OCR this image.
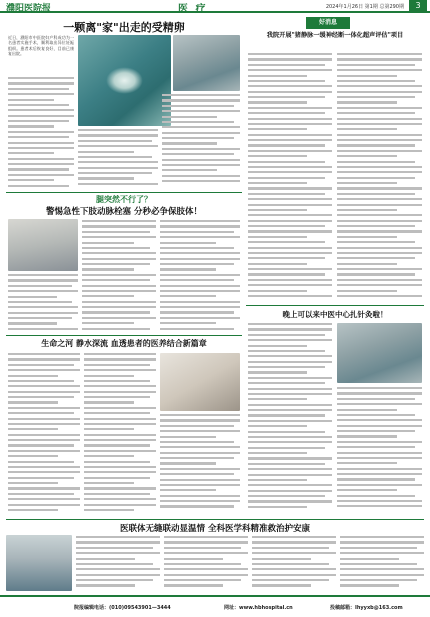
濮阳医院报	医 疗	2024年1月26日 第1期 总第290期	3
一颗离"家"出走的受精卵
近日，濮阳市中医院妇产科成功为一名患者实施手术，顺利取出异位妊娠组织。患者术后恢复良好，目前已康复出院。
腿突然不行了？
警惕急性下肢动脉栓塞 分秒必争保肢体！
生命之河 静水深流 血透患者的医养结合新篇章
好消息
我院开展"猪静脉一缓神经断一体化超声评估"项目
晚上可以来中医中心扎针灸啦！
医联体无缝联动显温情 全科医学科精准救治护安康
院报编辑电话：(010)09543901—3444	网址：www.hbhospital.cn	投稿邮箱：Ihyyxb@163.com
